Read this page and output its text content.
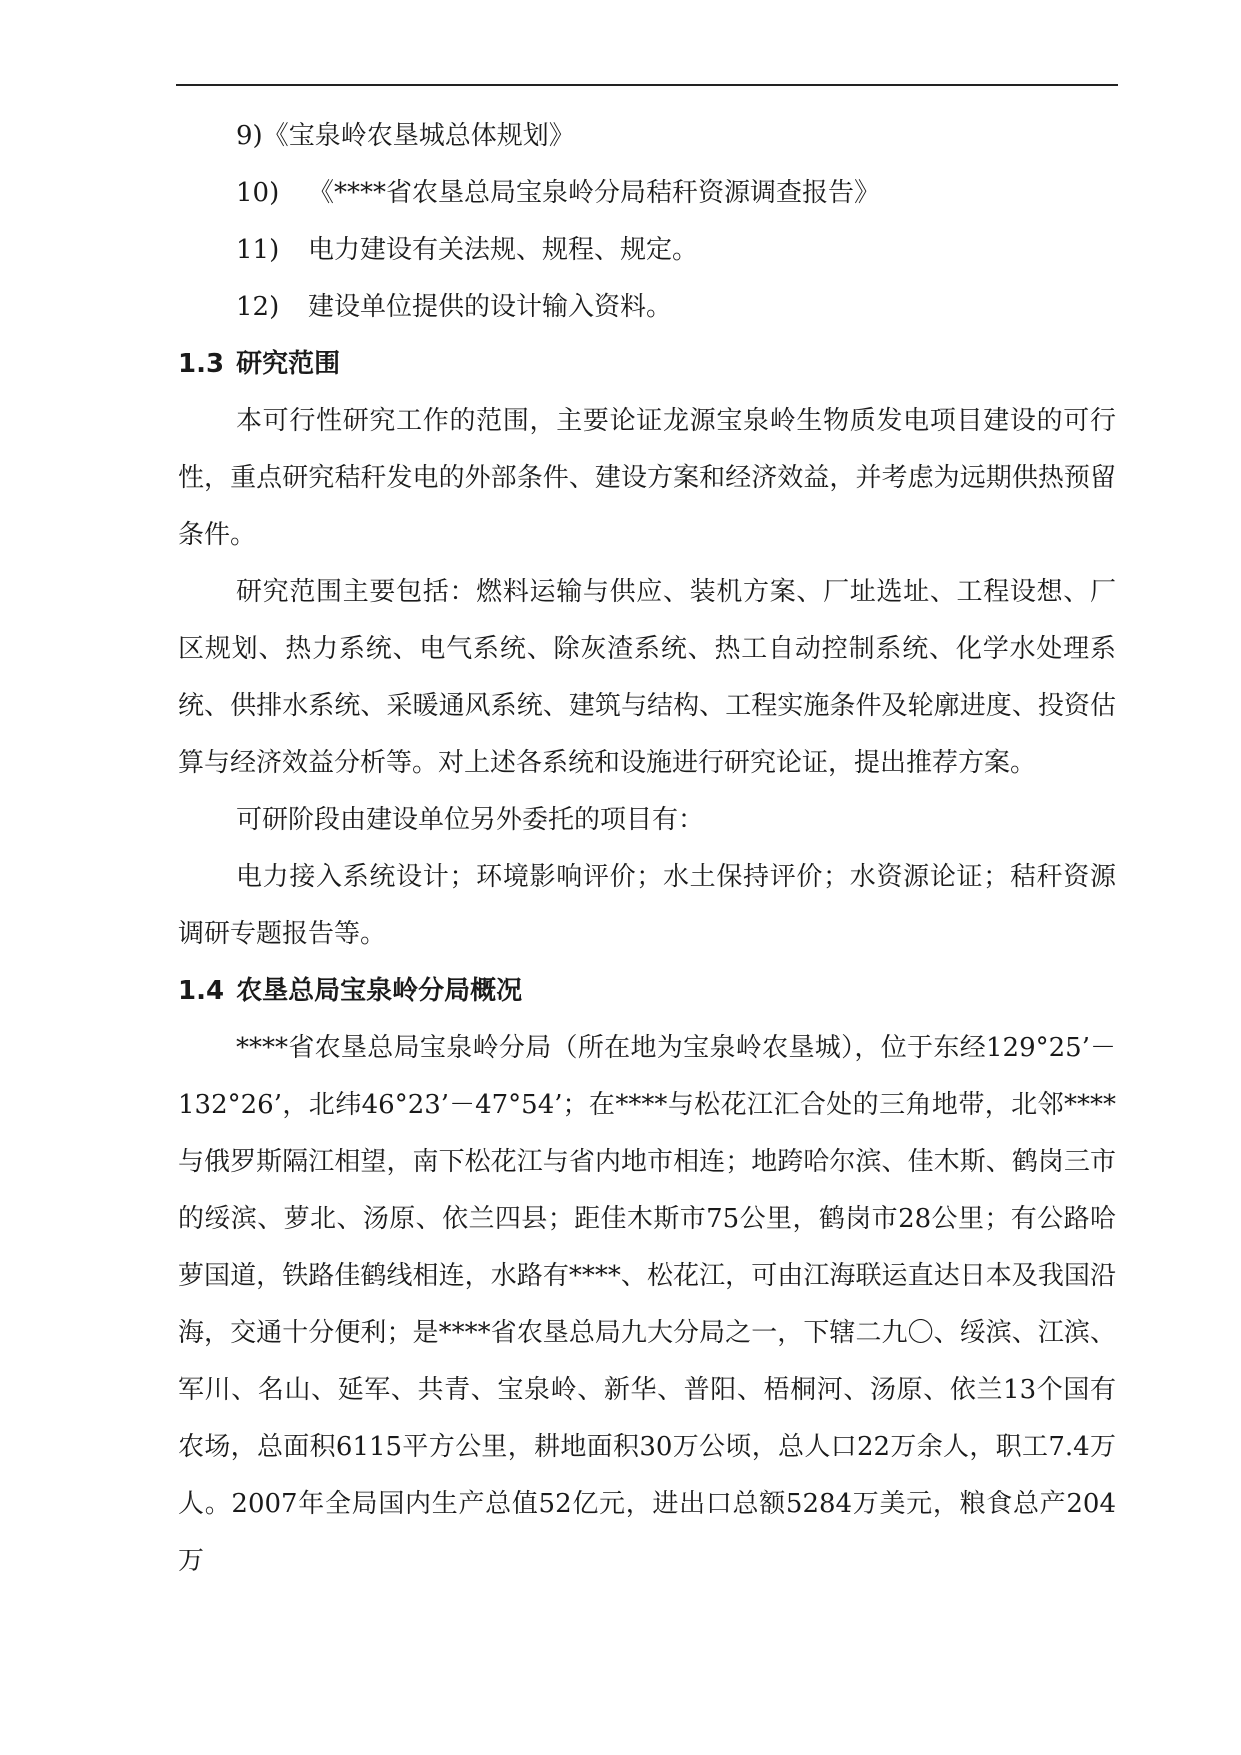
9)《宝泉岭农垦城总体规划》
10) 《****省农垦总局宝泉岭分局秸秆资源调查报告》
11) 电力建设有关法规、规程、规定。
12) 建设单位提供的设计输入资料。
1.3 研究范围
本可行性研究工作的范围，主要论证龙源宝泉岭生物质发电项目建设的可行性，重点研究秸秆发电的外部条件、建设方案和经济效益，并考虑为远期供热预留条件。
研究范围主要包括：燃料运输与供应、装机方案、厂址选址、工程设想、厂区规划、热力系统、电气系统、除灰渣系统、热工自动控制系统、化学水处理系统、供排水系统、采暖通风系统、建筑与结构、工程实施条件及轮廓进度、投资估算与经济效益分析等。对上述各系统和设施进行研究论证，提出推荐方案。
可研阶段由建设单位另外委托的项目有：
电力接入系统设计；环境影响评价；水土保持评价；水资源论证；秸秆资源调研专题报告等。
1.4 农垦总局宝泉岭分局概况
****省农垦总局宝泉岭分局（所在地为宝泉岭农垦城），位于东经129°25’－132°26’，北纬46°23’－47°54’；在****与松花江汇合处的三角地带，北邻****与俄罗斯隔江相望，南下松花江与省内地市相连；地跨哈尔滨、佳木斯、鹤岗三市的绥滨、萝北、汤原、依兰四县；距佳木斯市75公里，鹤岗市28公里；有公路哈萝国道，铁路佳鹤线相连，水路有****、松花江，可由江海联运直达日本及我国沿海，交通十分便利；是****省农垦总局九大分局之一，下辖二九〇、绥滨、江滨、军川、名山、延军、共青、宝泉岭、新华、普阳、梧桐河、汤原、依兰13个国有农场，总面积6115平方公里，耕地面积30万公顷，总人口22万余人，职工7.4万人。2007年全局国内生产总值52亿元，进出口总额5284万美元，粮食总产204万
